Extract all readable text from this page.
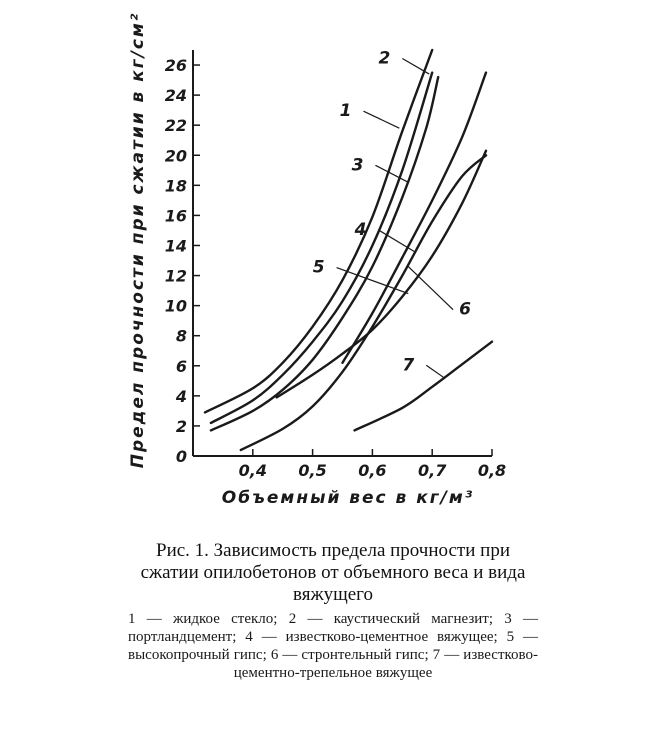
0
2
4
6
8
10
12
14
16
18
20
22
24
26
0,4 0,5 0,6 0,7 0,8
1
2
3
4
5
6
7
Объемный вес в кг/м³
Предел прочности при сжатии в кг/см²
Рис. 1. Зависимость предела прочности при сжатии опилобетонов от объемного веса и вида вяжущего
1 — жидкое стекло; 2 — каустический магнезит; 3 — портландцемент; 4 — известково-цементное вяжущее; 5 — высокопрочный гипс; 6 — стронтельный гипс; 7 — известково-цементно-трепельное вяжущее
